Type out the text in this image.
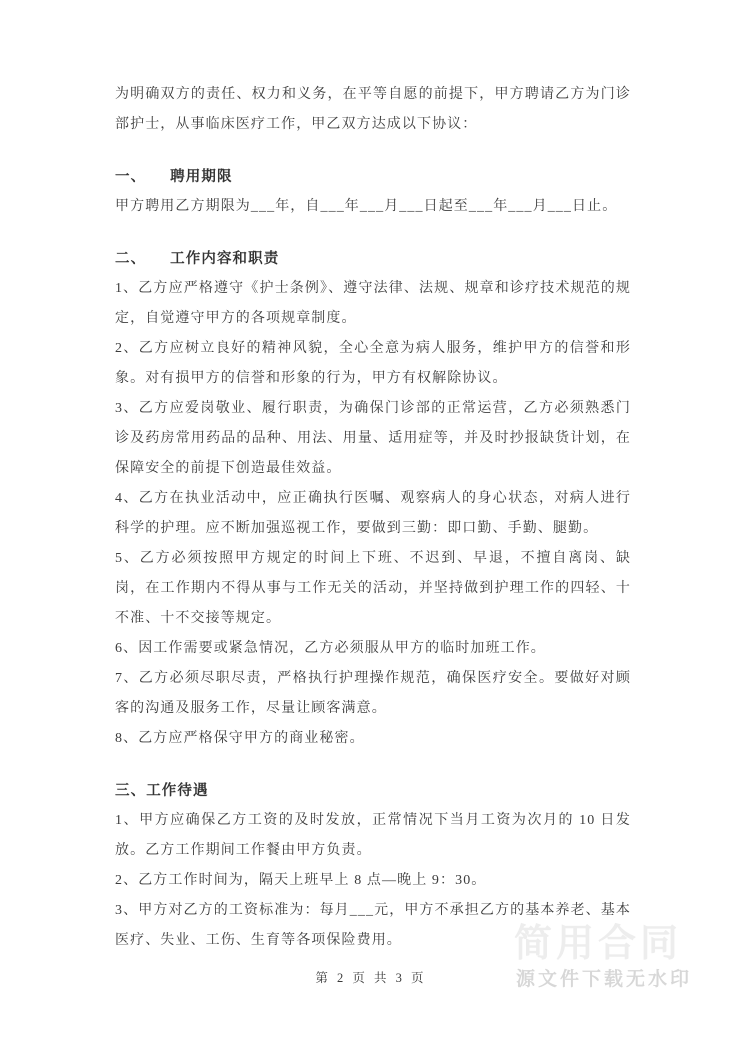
简用合同
源文件下载无水印

为明确双方的责任、权力和义务，在平等自愿的前提下，甲方聘请乙方为门诊部护士，从事临床医疗工作，甲乙双方达成以下协议：

一、　　聘用期限

甲方聘用乙方期限为___年，自___年___月___日起至___年___月___日止。

二、　　工作内容和职责

1、乙方应严格遵守《护士条例》、遵守法律、法规、规章和诊疗技术规范的规定，自觉遵守甲方的各项规章制度。

2、乙方应树立良好的精神风貌，全心全意为病人服务，维护甲方的信誉和形象。对有损甲方的信誉和形象的行为，甲方有权解除协议。

3、乙方应爱岗敬业、履行职责，为确保门诊部的正常运营，乙方必须熟悉门诊及药房常用药品的品种、用法、用量、适用症等，并及时抄报缺货计划，在保障安全的前提下创造最佳效益。

4、乙方在执业活动中，应正确执行医嘱、观察病人的身心状态，对病人进行科学的护理。应不断加强巡视工作，要做到三勤：即口勤、手勤、腿勤。

5、乙方必须按照甲方规定的时间上下班、不迟到、早退，不擅自离岗、缺岗，在工作期内不得从事与工作无关的活动，并坚持做到护理工作的四轻、十不准、十不交接等规定。

6、因工作需要或紧急情况，乙方必须服从甲方的临时加班工作。

7、乙方必须尽职尽责，严格执行护理操作规范，确保医疗安全。要做好对顾客的沟通及服务工作，尽量让顾客满意。

8、乙方应严格保守甲方的商业秘密。

三、工作待遇

1、甲方应确保乙方工资的及时发放，正常情况下当月工资为次月的 10 日发放。乙方工作期间工作餐由甲方负责。

2、乙方工作时间为，隔天上班早上 8 点—晚上 9：30。

3、甲方对乙方的工资标准为：每月___元，甲方不承担乙方的基本养老、基本医疗、失业、工伤、生育等各项保险费用。

第 2 页 共 3 页
